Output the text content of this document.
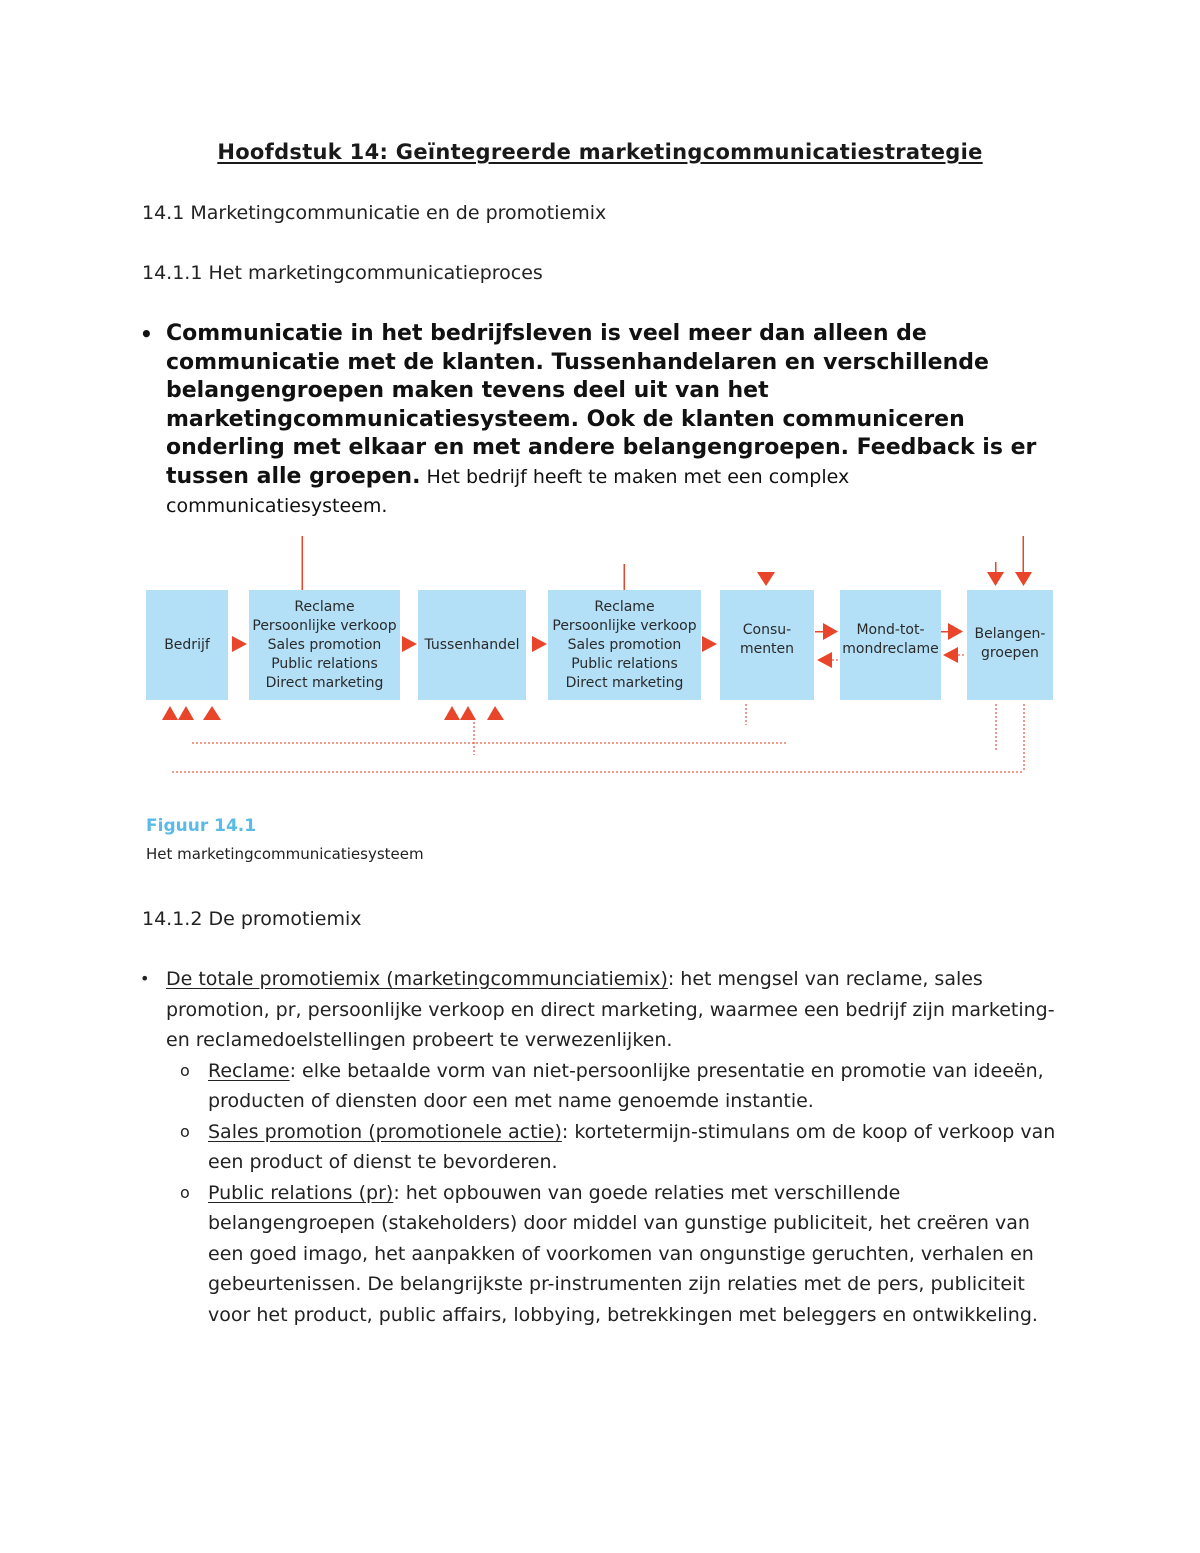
Hoofdstuk 14: Geïntegreerde marketingcommunicatiestrategie
14.1 Marketingcommunicatie en de promotiemix
14.1.1 Het marketingcommunicatieproces
• Communicatie in het bedrijfsleven is veel meer dan alleen de communicatie met de klanten. Tussenhandelaren en verschillende belangengroepen maken tevens deel uit van het marketingcommunicatiesysteem. Ook de klanten communiceren onderling met elkaar en met andere belangengroepen. Feedback is er tussen alle groepen. Het bedrijf heeft te maken met een complex communicatiesysteem.
Bedrijf
Reclame
Persoonlijke verkoop
Sales promotion
Public relations
Direct marketing
Tussenhandel
Reclame
Persoonlijke verkoop
Sales promotion
Public relations
Direct marketing
Consu-
menten
Mond-tot-
mondreclame
Belangen-
groepen
Figuur 14.1
Het marketingcommunicatiesysteem
14.1.2 De promotiemix
• De totale promotiemix (marketingcommunciatiemix): het mengsel van reclame, sales promotion, pr, persoonlijke verkoop en direct marketing, waarmee een bedrijf zijn marketing- en reclamedoelstellingen probeert te verwezenlijken.
o Reclame: elke betaalde vorm van niet-persoonlijke presentatie en promotie van ideeën, producten of diensten door een met name genoemde instantie.
o Sales promotion (promotionele actie): kortetermijn-stimulans om de koop of verkoop van een product of dienst te bevorderen.
o Public relations (pr): het opbouwen van goede relaties met verschillende belangengroepen (stakeholders) door middel van gunstige publiciteit, het creëren van een goed imago, het aanpakken of voorkomen van ongunstige geruchten, verhalen en gebeurtenissen. De belangrijkste pr-instrumenten zijn relaties met de pers, publiciteit voor het product, public affairs, lobbying, betrekkingen met beleggers en ontwikkeling.
